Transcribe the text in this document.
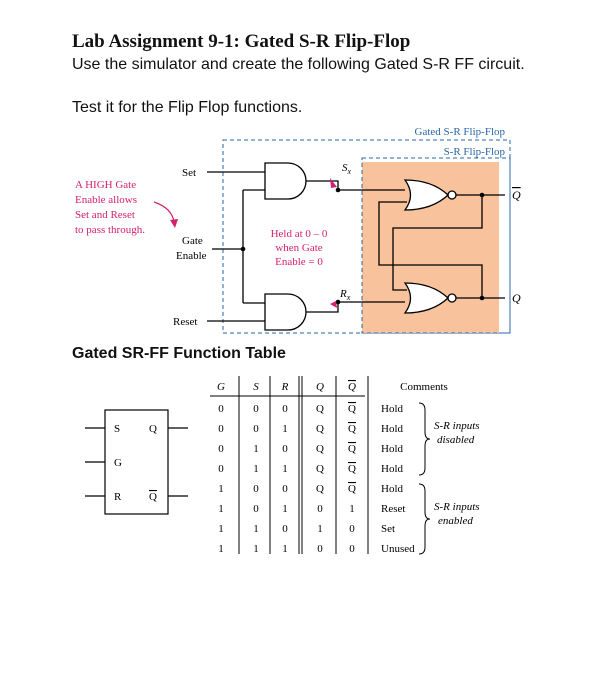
Lab Assignment 9-1: Gated S-R Flip-Flop
Use the simulator and create the following Gated S-R FF circuit.
Test it for the Flip Flop functions.
Gated S-R Flip-Flop
S-R Flip-Flop
Set
Gate
Enable
Reset
$S_x$
$R_x$
Q
Q
A HIGH Gate
Enable allows
Set and Reset
to pass through.	Held at 0 – 0
when Gate
Enable = 0
Gated SR-FF Function Table
G	S R	Q Q	Comments
0	0 0	Q Q Hold
0	0 1	Q Q Hold
0	1 0	Q Q Hold
0	1 1	Q Q Hold
1	0 0	Q Q Hold
1	0 1	0 1 Reset
1	1 0	1 0 Set
1	1 1	0 0 Unused
S-R inputs
disabled
S-R inputs
enabled
S
G
R
Q
Q
